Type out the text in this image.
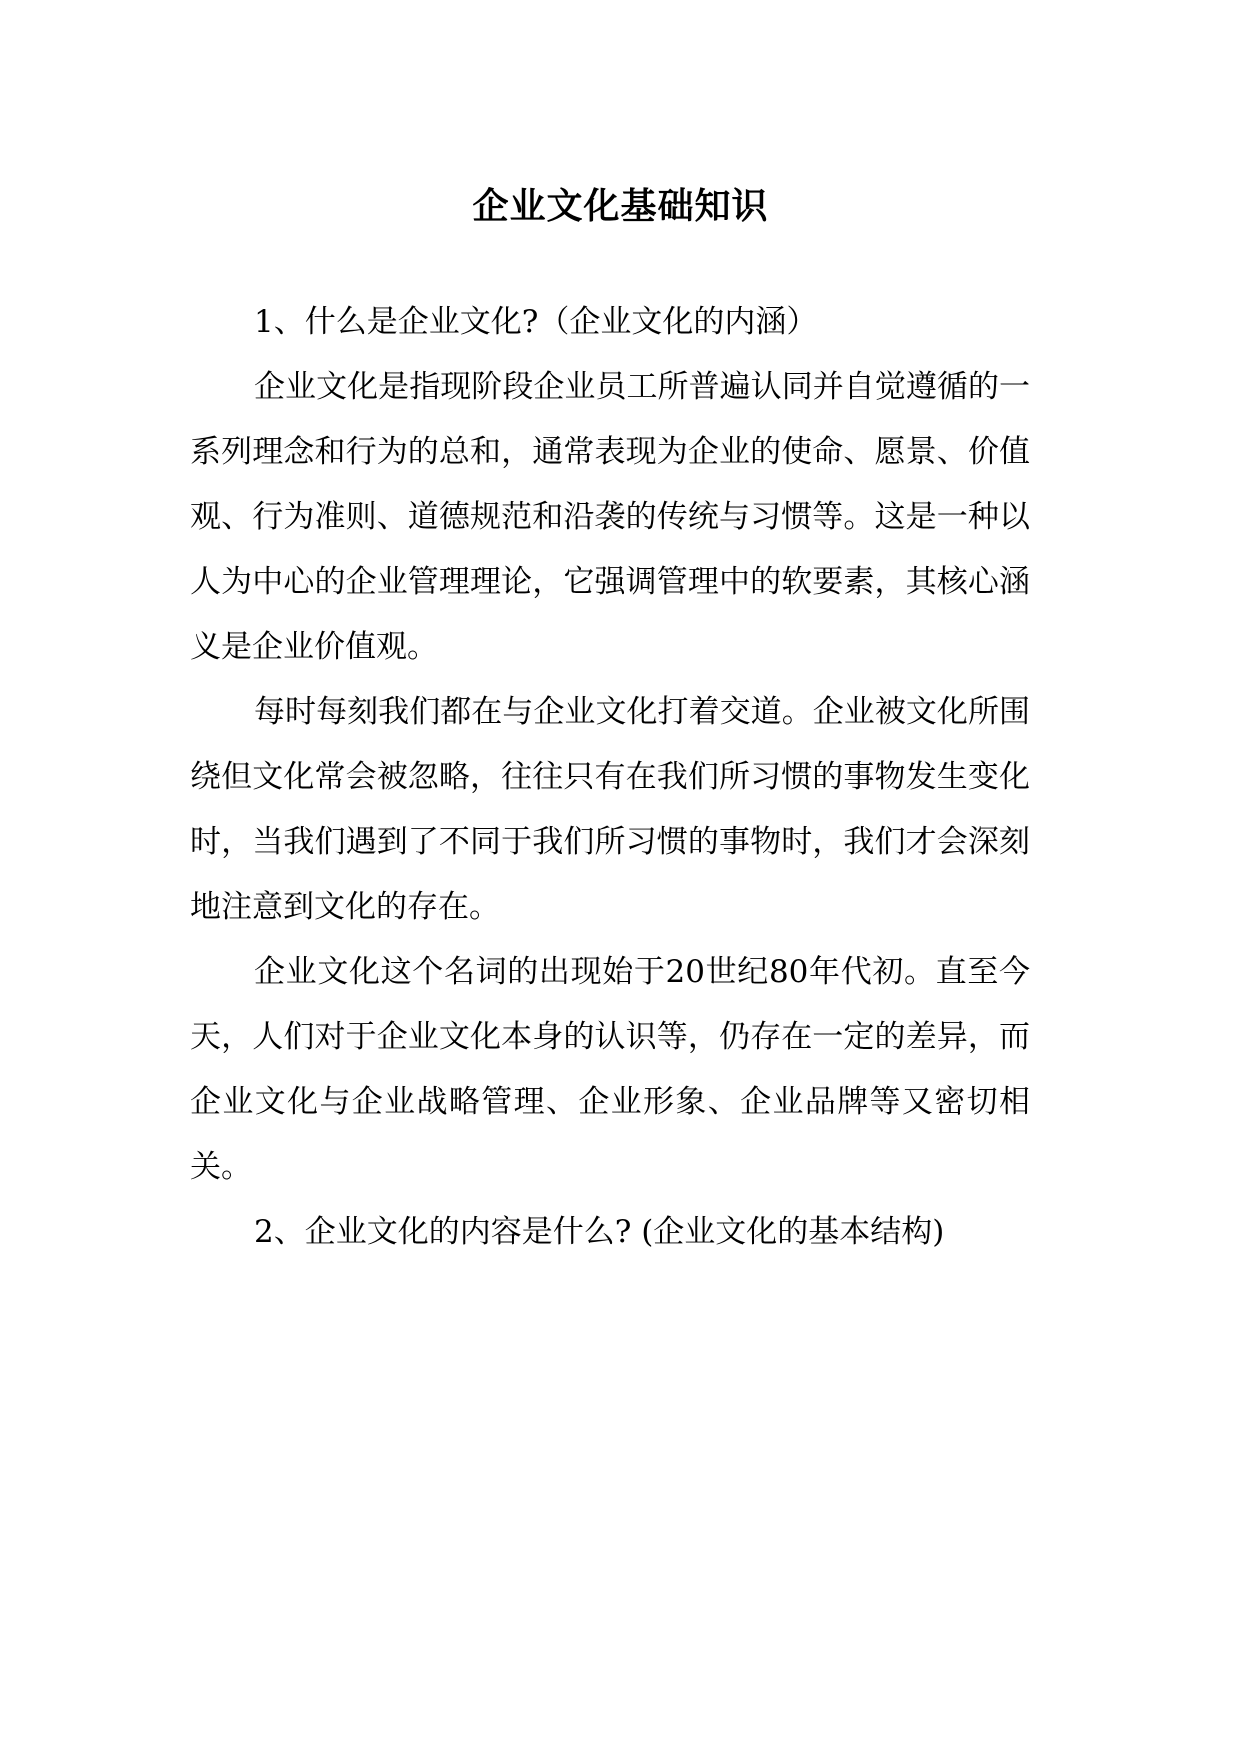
企业文化基础知识

1、什么是企业文化?（企业文化的内涵）

企业文化是指现阶段企业员工所普遍认同并自觉遵循的一系列理念和行为的总和，通常表现为企业的使命、愿景、价值观、行为准则、道德规范和沿袭的传统与习惯等。这是一种以人为中心的企业管理理论，它强调管理中的软要素，其核心涵义是企业价值观。

每时每刻我们都在与企业文化打着交道。企业被文化所围绕但文化常会被忽略，往往只有在我们所习惯的事物发生变化时，当我们遇到了不同于我们所习惯的事物时，我们才会深刻地注意到文化的存在。

企业文化这个名词的出现始于20世纪80年代初。直至今天，人们对于企业文化本身的认识等，仍存在一定的差异，而企业文化与企业战略管理、企业形象、企业品牌等又密切相关。

2、企业文化的内容是什么? (企业文化的基本结构)
